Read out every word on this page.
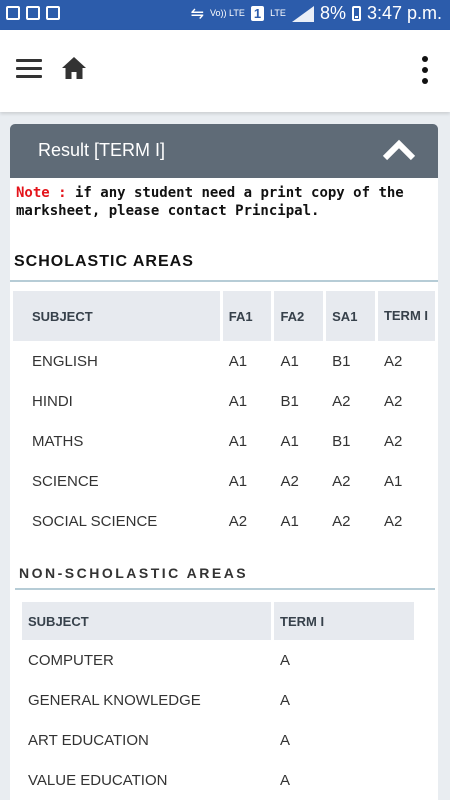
⇋ Vo)) LTE 1	LTE 8% 3:47 p.m.
Result [TERM I]
Note : if any student need a print copy of the marksheet, please contact Principal.
SCHOLASTIC AREAS
SUBJECT	FA1	FA2	SA1	TERM I
ENGLISH	A1	A1	B1	A2
HINDI	A1	B1	A2	A2
MATHS	A1	A1	B1	A2
SCIENCE	A1	A2	A2	A1
SOCIAL SCIENCE	A2	A1	A2	A2
NON-SCHOLASTIC AREAS
SUBJECT	TERM I
COMPUTER	A
GENERAL KNOWLEDGE	A
ART EDUCATION	A
VALUE EDUCATION	A
